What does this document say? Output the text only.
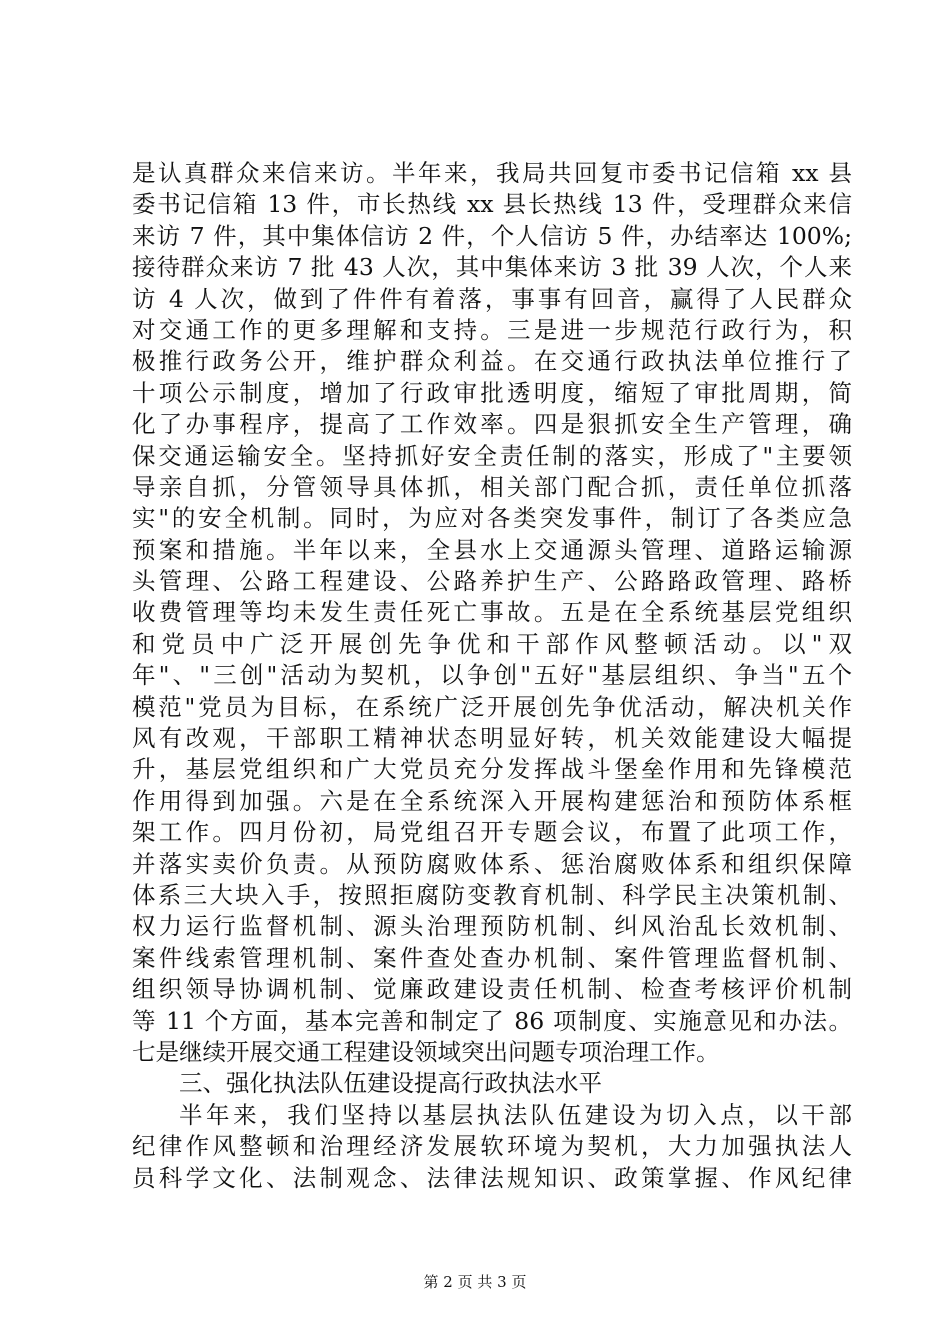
是认真群众来信来访。半年来，我局共回复市委书记信箱 xx 县
委书记信箱 13 件，市长热线 xx 县长热线 13 件，受理群众来信
来访 7 件，其中集体信访 2 件，个人信访 5 件，办结率达 100%;
接待群众来访 7 批 43 人次，其中集体来访 3 批 39 人次，个人来
访 4 人次，做到了件件有着落，事事有回音，赢得了人民群众
对交通工作的更多理解和支持。三是进一步规范行政行为，积
极推行政务公开，维护群众利益。在交通行政执法单位推行了
十项公示制度，增加了行政审批透明度，缩短了审批周期，简
化了办事程序，提高了工作效率。四是狠抓安全生产管理，确
保交通运输安全。坚持抓好安全责任制的落实，形成了"主要领
导亲自抓，分管领导具体抓，相关部门配合抓，责任单位抓落
实"的安全机制。同时，为应对各类突发事件，制订了各类应急
预案和措施。半年以来，全县水上交通源头管理、道路运输源
头管理、公路工程建设、公路养护生产、公路路政管理、路桥
收费管理等均未发生责任死亡事故。五是在全系统基层党组织
和党员中广泛开展创先争优和干部作风整顿活动。以"双
年"、"三创"活动为契机，以争创"五好"基层组织、争当"五个
模范"党员为目标，在系统广泛开展创先争优活动，解决机关作
风有改观，干部职工精神状态明显好转，机关效能建设大幅提
升，基层党组织和广大党员充分发挥战斗堡垒作用和先锋模范
作用得到加强。六是在全系统深入开展构建惩治和预防体系框
架工作。四月份初，局党组召开专题会议，布置了此项工作，
并落实卖价负责。从预防腐败体系、惩治腐败体系和组织保障
体系三大块入手，按照拒腐防变教育机制、科学民主决策机制、
权力运行监督机制、源头治理预防机制、纠风治乱长效机制、
案件线索管理机制、案件查处查办机制、案件管理监督机制、
组织领导协调机制、觉廉政建设责任机制、检查考核评价机制
等 11 个方面，基本完善和制定了 86 项制度、实施意见和办法。
七是继续开展交通工程建设领域突出问题专项治理工作。
三、强化执法队伍建设提高行政执法水平
半年来，我们坚持以基层执法队伍建设为切入点，以干部
纪律作风整顿和治理经济发展软环境为契机，大力加强执法人
员科学文化、法制观念、法律法规知识、政策掌握、作风纪律
第 2 页 共 3 页
